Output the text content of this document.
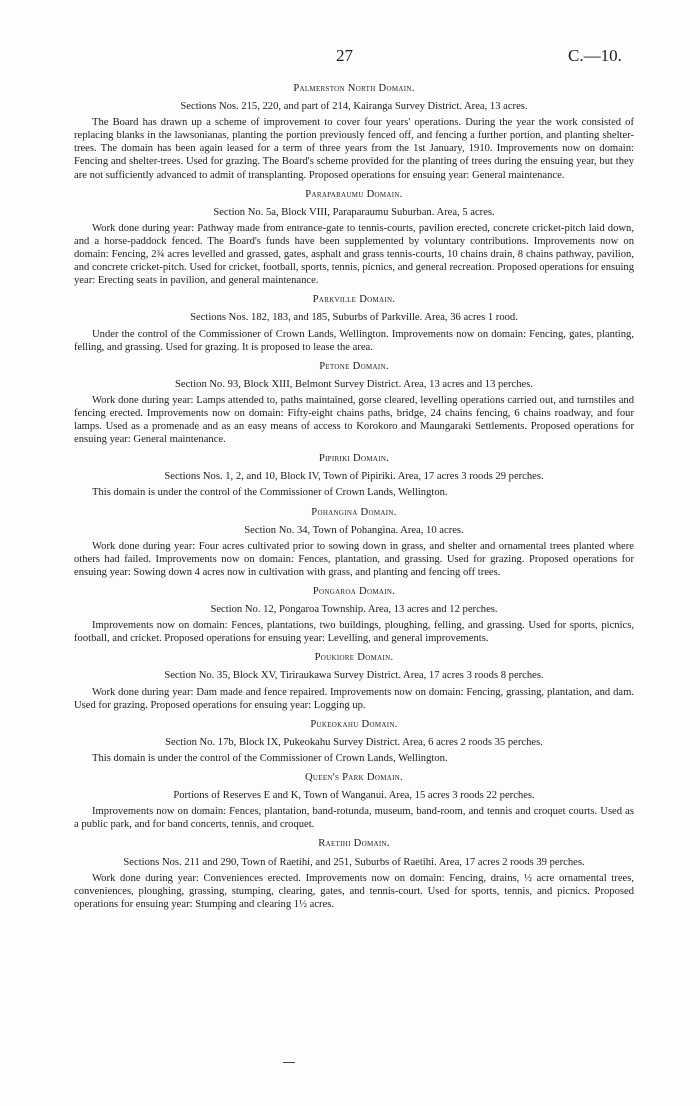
27	C.—10.
Palmerston North Domain.

Sections Nos. 215, 220, and part of 214, Kairanga Survey District. Area, 13 acres.

The Board has drawn up a scheme of improvement to cover four years' operations. During the year the work consisted of replacing blanks in the lawsonianas, planting the portion previously fenced off, and fencing a further portion, and planting shelter-trees. The domain has been again leased for a term of three years from the 1st January, 1910. Improvements now on domain: Fencing and shelter-trees. Used for grazing. The Board's scheme provided for the planting of trees during the ensuing year, but they are not sufficiently advanced to admit of transplanting. Proposed operations for ensuing year: General maintenance.

Paraparaumu Domain.

Section No. 5a, Block VIII, Paraparaumu Suburban. Area, 5 acres.

Work done during year: Pathway made from entrance-gate to tennis-courts, pavilion erected, concrete cricket-pitch laid down, and a horse-paddock fenced. The Board's funds have been supplemented by voluntary contributions. Improvements now on domain: Fencing, 2¾ acres levelled and grassed, gates, asphalt and grass tennis-courts, 10 chains drain, 8 chains pathway, pavilion, and concrete cricket-pitch. Used for cricket, football, sports, tennis, picnics, and general recreation. Proposed operations for ensuing year: Erecting seats in pavilion, and general maintenance.

Parkville Domain.

Sections Nos. 182, 183, and 185, Suburbs of Parkville. Area, 36 acres 1 rood.

Under the control of the Commissioner of Crown Lands, Wellington. Improvements now on domain: Fencing, gates, planting, felling, and grassing. Used for grazing. It is proposed to lease the area.

Petone Domain.

Section No. 93, Block XIII, Belmont Survey District. Area, 13 acres and 13 perches.

Work done during year: Lamps attended to, paths maintained, gorse cleared, levelling operations carried out, and turnstiles and fencing erected. Improvements now on domain: Fifty-eight chains paths, bridge, 24 chains fencing, 6 chains roadway, and four lamps. Used as a promenade and as an easy means of access to Korokoro and Maungaraki Settlements. Proposed operations for ensuing year: General maintenance.

Pipiriki Domain.

Sections Nos. 1, 2, and 10, Block IV, Town of Pipiriki. Area, 17 acres 3 roods 29 perches.

This domain is under the control of the Commissioner of Crown Lands, Wellington.

Pohangina Domain.

Section No. 34, Town of Pohangina. Area, 10 acres.

Work done during year: Four acres cultivated prior to sowing down in grass, and shelter and ornamental trees planted where others had failed. Improvements now on domain: Fences, plantation, and grassing. Used for grazing. Proposed operations for ensuing year: Sowing down 4 acres now in cultivation with grass, and planting and fencing off trees.

Pongaroa Domain.

Section No. 12, Pongaroa Township. Area, 13 acres and 12 perches.

Improvements now on domain: Fences, plantations, two buildings, ploughing, felling, and grassing. Used for sports, picnics, football, and cricket. Proposed operations for ensuing year: Levelling, and general improvements.

Poukiore Domain.

Section No. 35, Block XV, Tiriraukawa Survey District. Area, 17 acres 3 roods 8 perches.

Work done during year: Dam made and fence repaired. Improvements now on domain: Fencing, grassing, plantation, and dam. Used for grazing. Proposed operations for ensuing year: Logging up.

Pukeokahu Domain.

Section No. 17b, Block IX, Pukeokahu Survey District. Area, 6 acres 2 roods 35 perches.

This domain is under the control of the Commissioner of Crown Lands, Wellington.

Queen's Park Domain.

Portions of Reserves E and K, Town of Wanganui. Area, 15 acres 3 roods 22 perches.

Improvements now on domain: Fences, plantation, band-rotunda, museum, band-room, and tennis and croquet courts. Used as a public park, and for band concerts, tennis, and croquet.

Raetihi Domain.

Sections Nos. 211 and 290, Town of Raetihi, and 251, Suburbs of Raetihi. Area, 17 acres 2 roods 39 perches.

Work done during year: Conveniences erected. Improvements now on domain: Fencing, drains, ½ acre ornamental trees, conveniences, ploughing, grassing, stumping, clearing, gates, and tennis-court. Used for sports, tennis, and picnics. Proposed operations for ensuing year: Stumping and clearing 1½ acres.
